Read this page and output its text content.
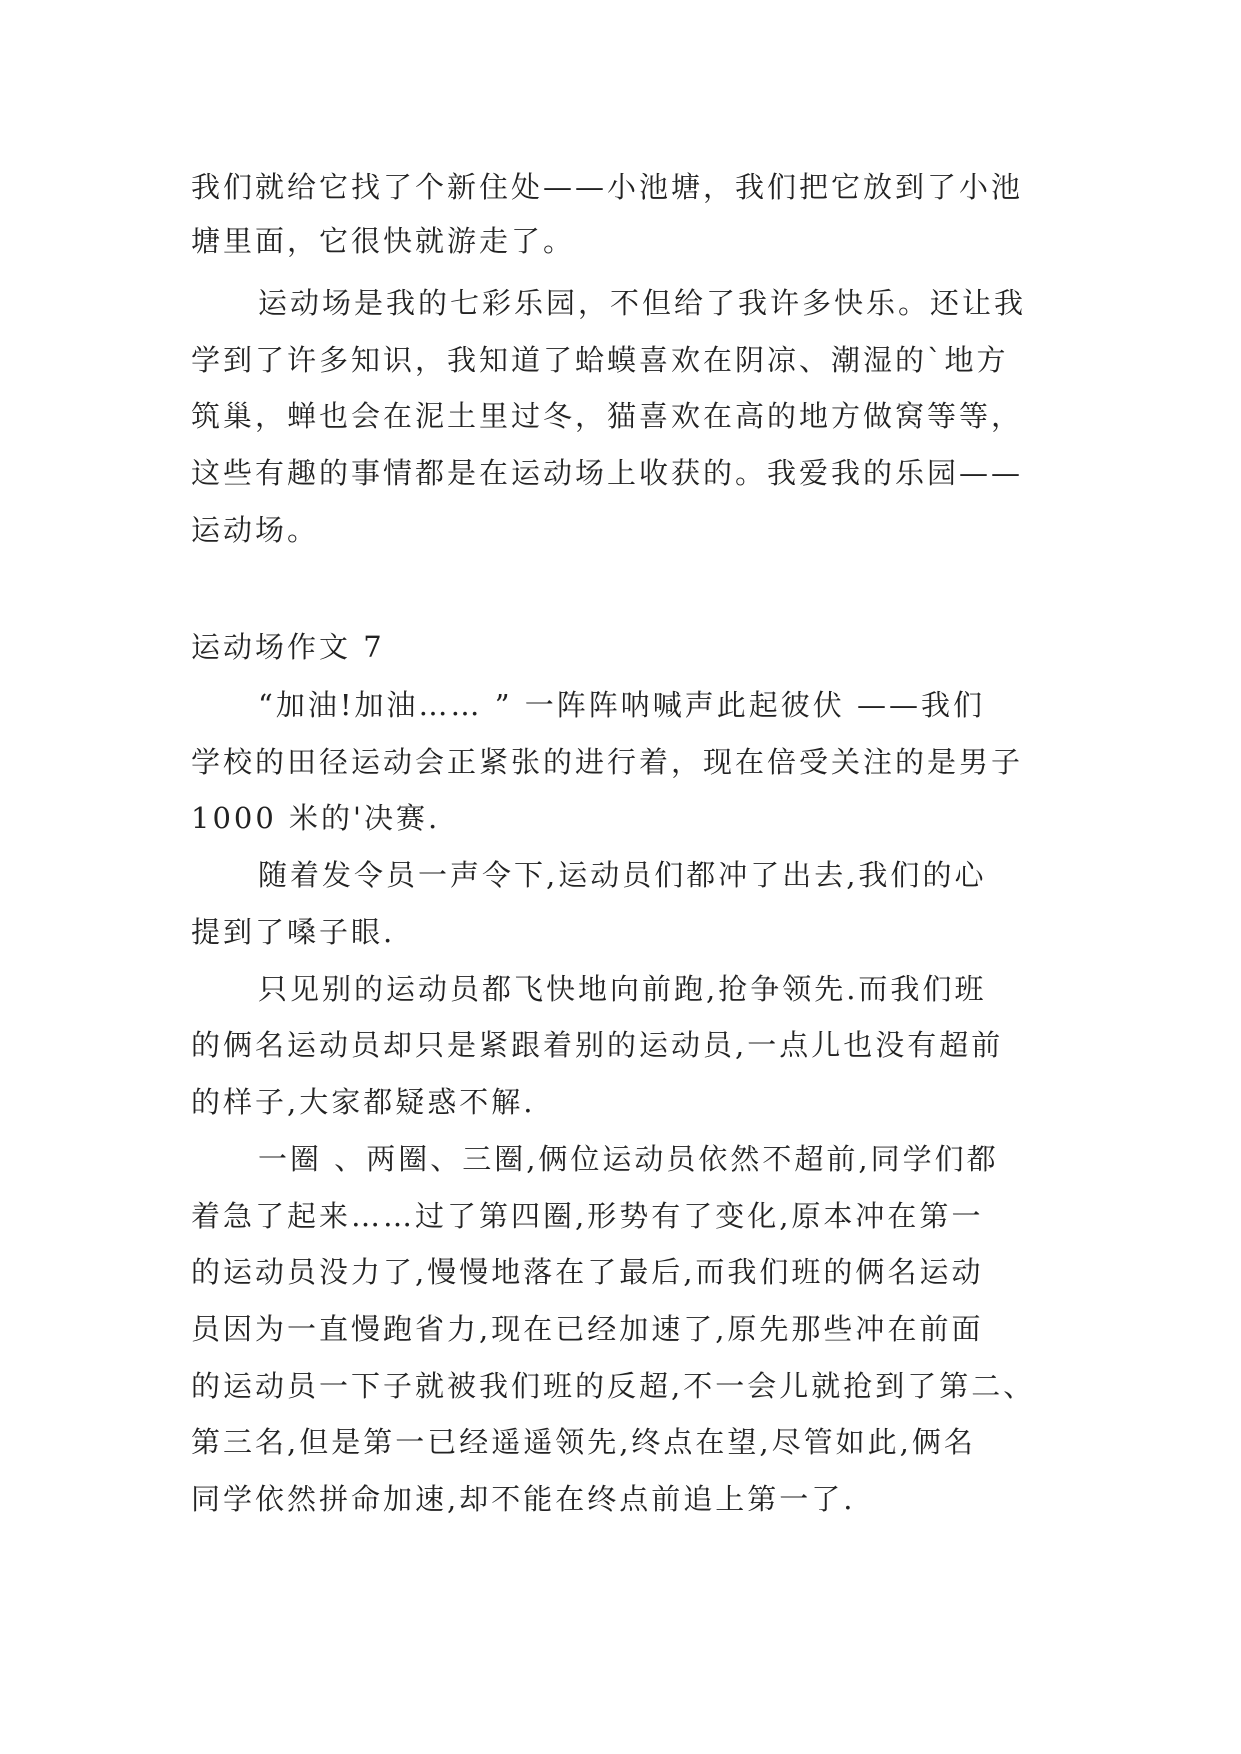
我们就给它找了个新住处——小池塘，我们把它放到了小池
塘里面，它很快就游走了。
运动场是我的七彩乐园，不但给了我许多快乐。还让我
学到了许多知识，我知道了蛤蟆喜欢在阴凉、潮湿的`地方
筑巢，蝉也会在泥土里过冬，猫喜欢在高的地方做窝等等，
这些有趣的事情都是在运动场上收获的。我爱我的乐园——
运动场。
运动场作文 7
“加油!加油…… ” 一阵阵呐喊声此起彼伏 ——我们
学校的田径运动会正紧张的进行着，现在倍受关注的是男子
1000 米的'决赛.
随着发令员一声令下,运动员们都冲了出去,我们的心
提到了嗓子眼.
只见别的运动员都飞快地向前跑,抢争领先.而我们班
的俩名运动员却只是紧跟着别的运动员,一点儿也没有超前
的样子,大家都疑惑不解.
一圈 、两圈、三圈,俩位运动员依然不超前,同学们都
着急了起来……过了第四圈,形势有了变化,原本冲在第一
的运动员没力了,慢慢地落在了最后,而我们班的俩名运动
员因为一直慢跑省力,现在已经加速了,原先那些冲在前面
的运动员一下子就被我们班的反超,不一会儿就抢到了第二、
第三名,但是第一已经遥遥领先,终点在望,尽管如此,俩名
同学依然拼命加速,却不能在终点前追上第一了.
